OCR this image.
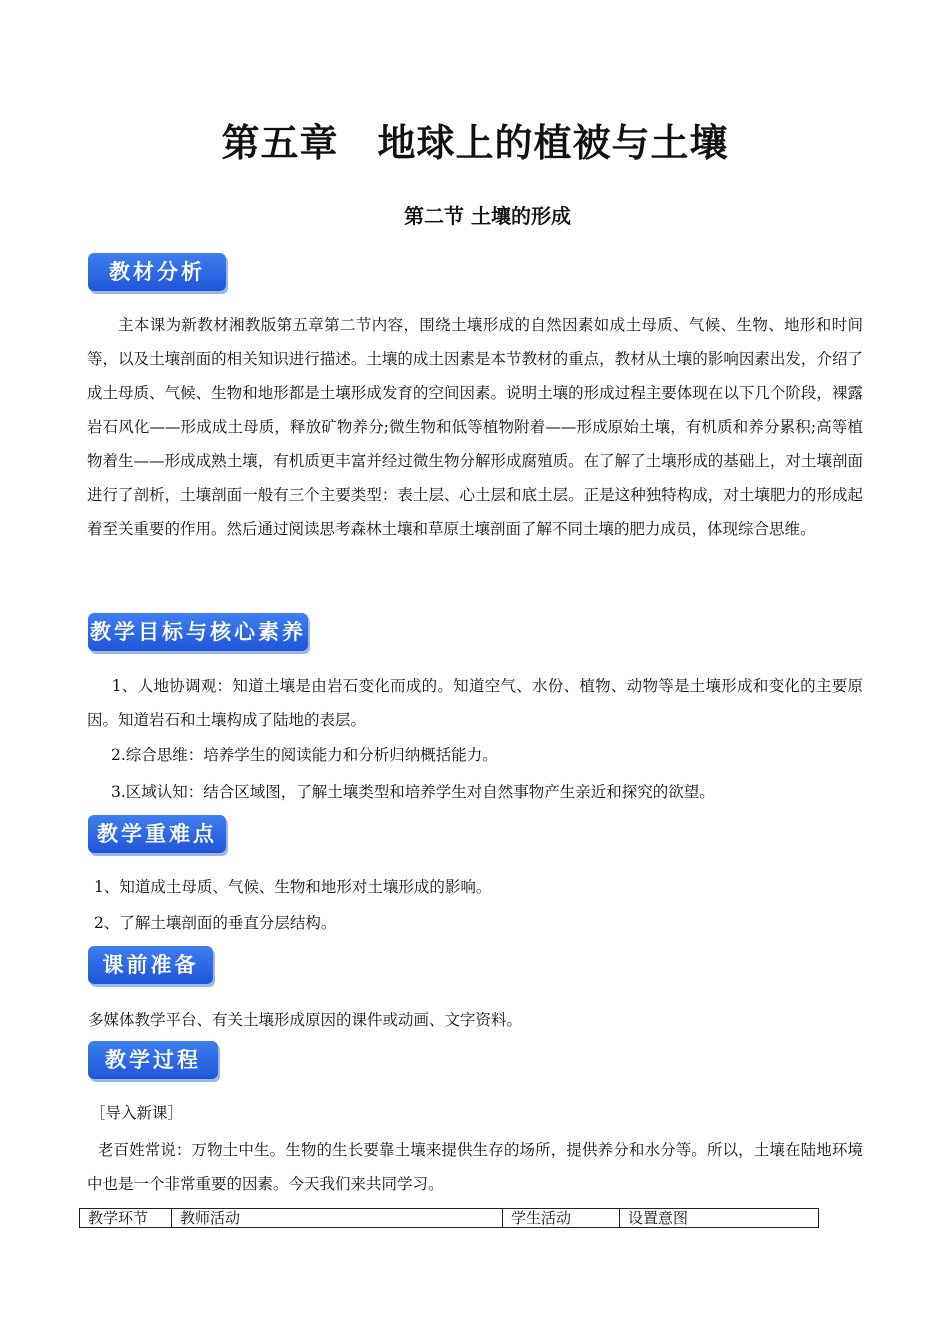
第五章　地球上的植被与土壤
第二节 土壤的形成
教材分析
主本课为新教材湘教版第五章第二节内容，围绕土壤形成的自然因素如成土母质、气候、生物、地形和时间等，以及土壤剖面的相关知识进行描述。土壤的成土因素是本节教材的重点，教材从土壤的影响因素出发，介绍了成土母质、气候、生物和地形都是土壤形成发育的空间因素。说明土壤的形成过程主要体现在以下几个阶段，裸露岩石风化——形成成土母质，释放矿物养分;微生物和低等植物附着——形成原始土壤，有机质和养分累积;高等植物着生——形成成熟土壤，有机质更丰富并经过微生物分解形成腐殖质。在了解了土壤形成的基础上，对土壤剖面进行了剖析，土壤剖面一般有三个主要类型：表土层、心土层和底土层。正是这种独特构成，对土壤肥力的形成起着至关重要的作用。然后通过阅读思考森林土壤和草原土壤剖面了解不同土壤的肥力成员，体现综合思维。
教学目标与核心素养
1、人地协调观：知道土壤是由岩石变化而成的。知道空气、水份、植物、动物等是土壤形成和变化的主要原因。知道岩石和土壤构成了陆地的表层。
2.综合思维：培养学生的阅读能力和分析归纳概括能力。
3.区域认知：结合区域图，了解土壤类型和培养学生对自然事物产生亲近和探究的欲望。
教学重难点
1、知道成土母质、气候、生物和地形对土壤形成的影响。
2、了解土壤剖面的垂直分层结构。
课前准备
多媒体教学平台、有关土壤形成原因的课件或动画、文字资料。
教学过程
［导入新课］
老百姓常说：万物土中生。生物的生长要靠土壤来提供生存的场所，提供养分和水分等。所以，土壤在陆地环境中也是一个非常重要的因素。今天我们来共同学习。
教学环节	教师活动	学生活动	设置意图
